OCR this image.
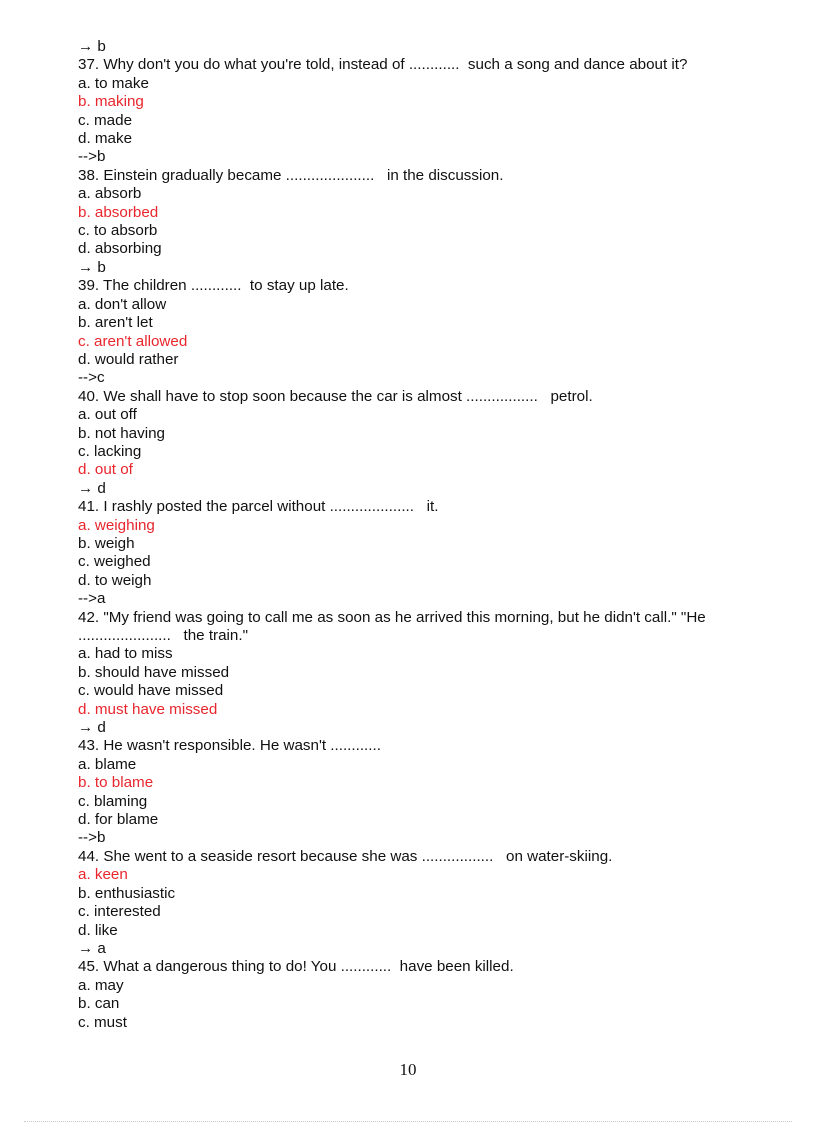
→ b
37. Why don't you do what you're told, instead of ............  such a song and dance about it?
a. to make
b. making
c. made
d. make
-->b
38. Einstein gradually became .....................   in the discussion.
a. absorb
b. absorbed
c. to absorb
d. absorbing
→ b
39. The children ............  to stay up late.
a. don't allow
b. aren't let
c. aren't allowed
d. would rather
-->c
40. We shall have to stop soon because the car is almost .................   petrol.
a. out off
b. not having
c. lacking
d. out of
→ d
41. I rashly posted the parcel without ....................   it.
a. weighing
b. weigh
c. weighed
d. to weigh
-->a
42. "My friend was going to call me as soon as he arrived this morning, but he didn't call." "He
......................   the train."
a. had to miss
b. should have missed
c. would have missed
d. must have missed
→ d
43. He wasn't responsible. He wasn't ............
a. blame
b. to blame
c. blaming
d. for blame
-->b
44. She went to a seaside resort because she was .................   on water-skiing.
a. keen
b. enthusiastic
c. interested
d. like
→ a
45. What a dangerous thing to do! You ............  have been killed.
a. may
b. can
c. must
10
